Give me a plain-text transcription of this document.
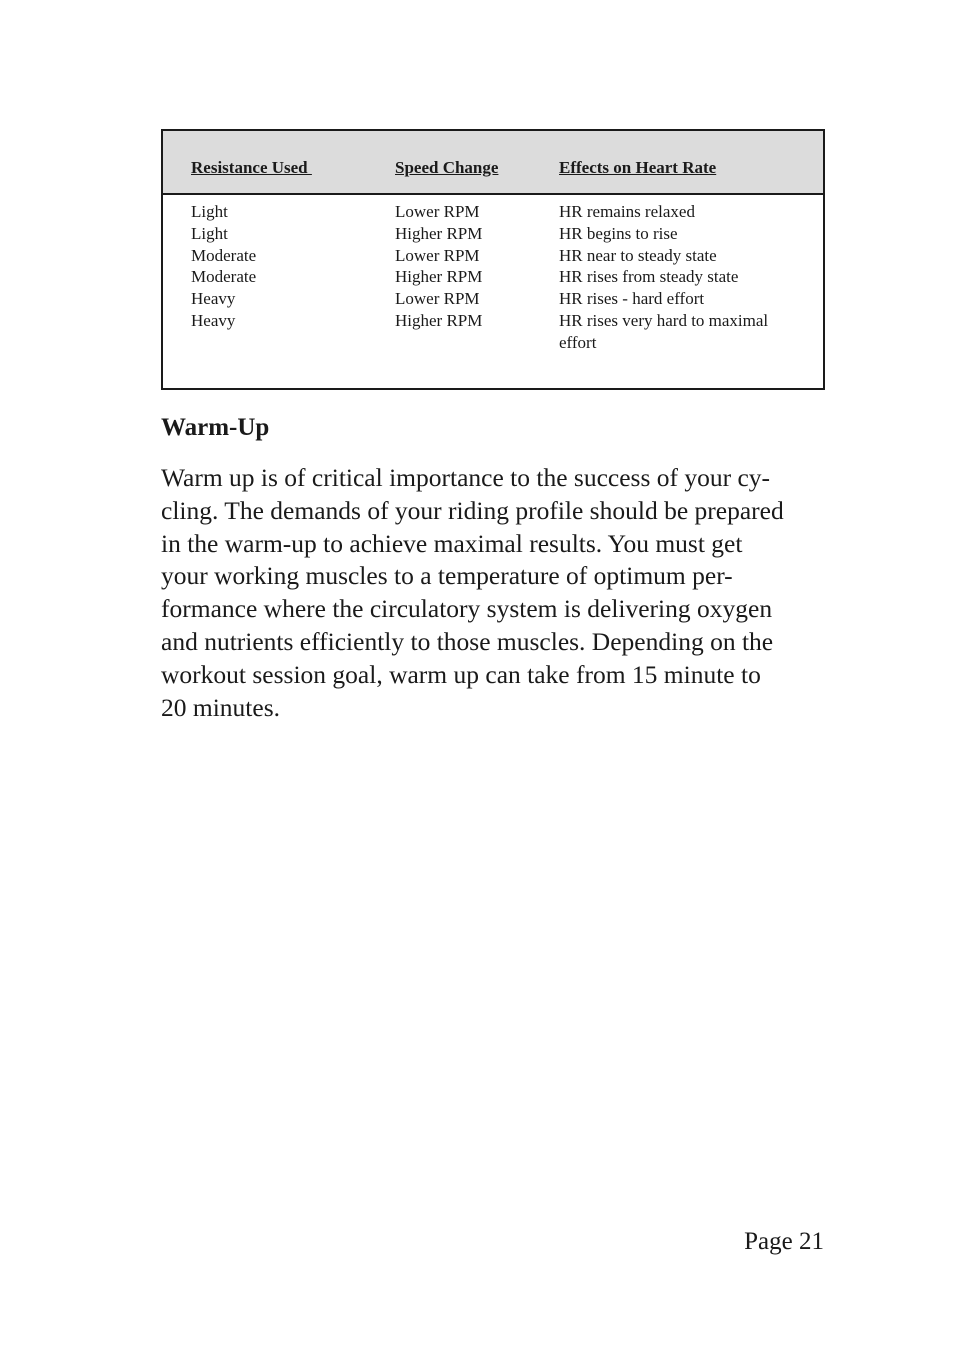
Resistance Used	Speed Change	Effects on Heart Rate
Light	Lower RPM	HR remains relaxed
Light	Higher RPM	HR begins to rise
Moderate	Lower RPM	HR near to steady state
Moderate	Higher RPM	HR rises from steady state
Heavy	Lower RPM	HR rises - hard effort
Heavy	Higher RPM	HR rises very hard to maximal effort
Warm-Up

Warm up is of critical importance to the success of your cy-
cling. The demands of your riding profile should be prepared
in the warm-up to achieve maximal results. You must get
your working muscles to a temperature of optimum per-
formance where the circulatory system is delivering oxygen
and nutrients efficiently to those muscles. Depending on the
workout session goal, warm up can take from 15 minute to
20 minutes.

Page 21
